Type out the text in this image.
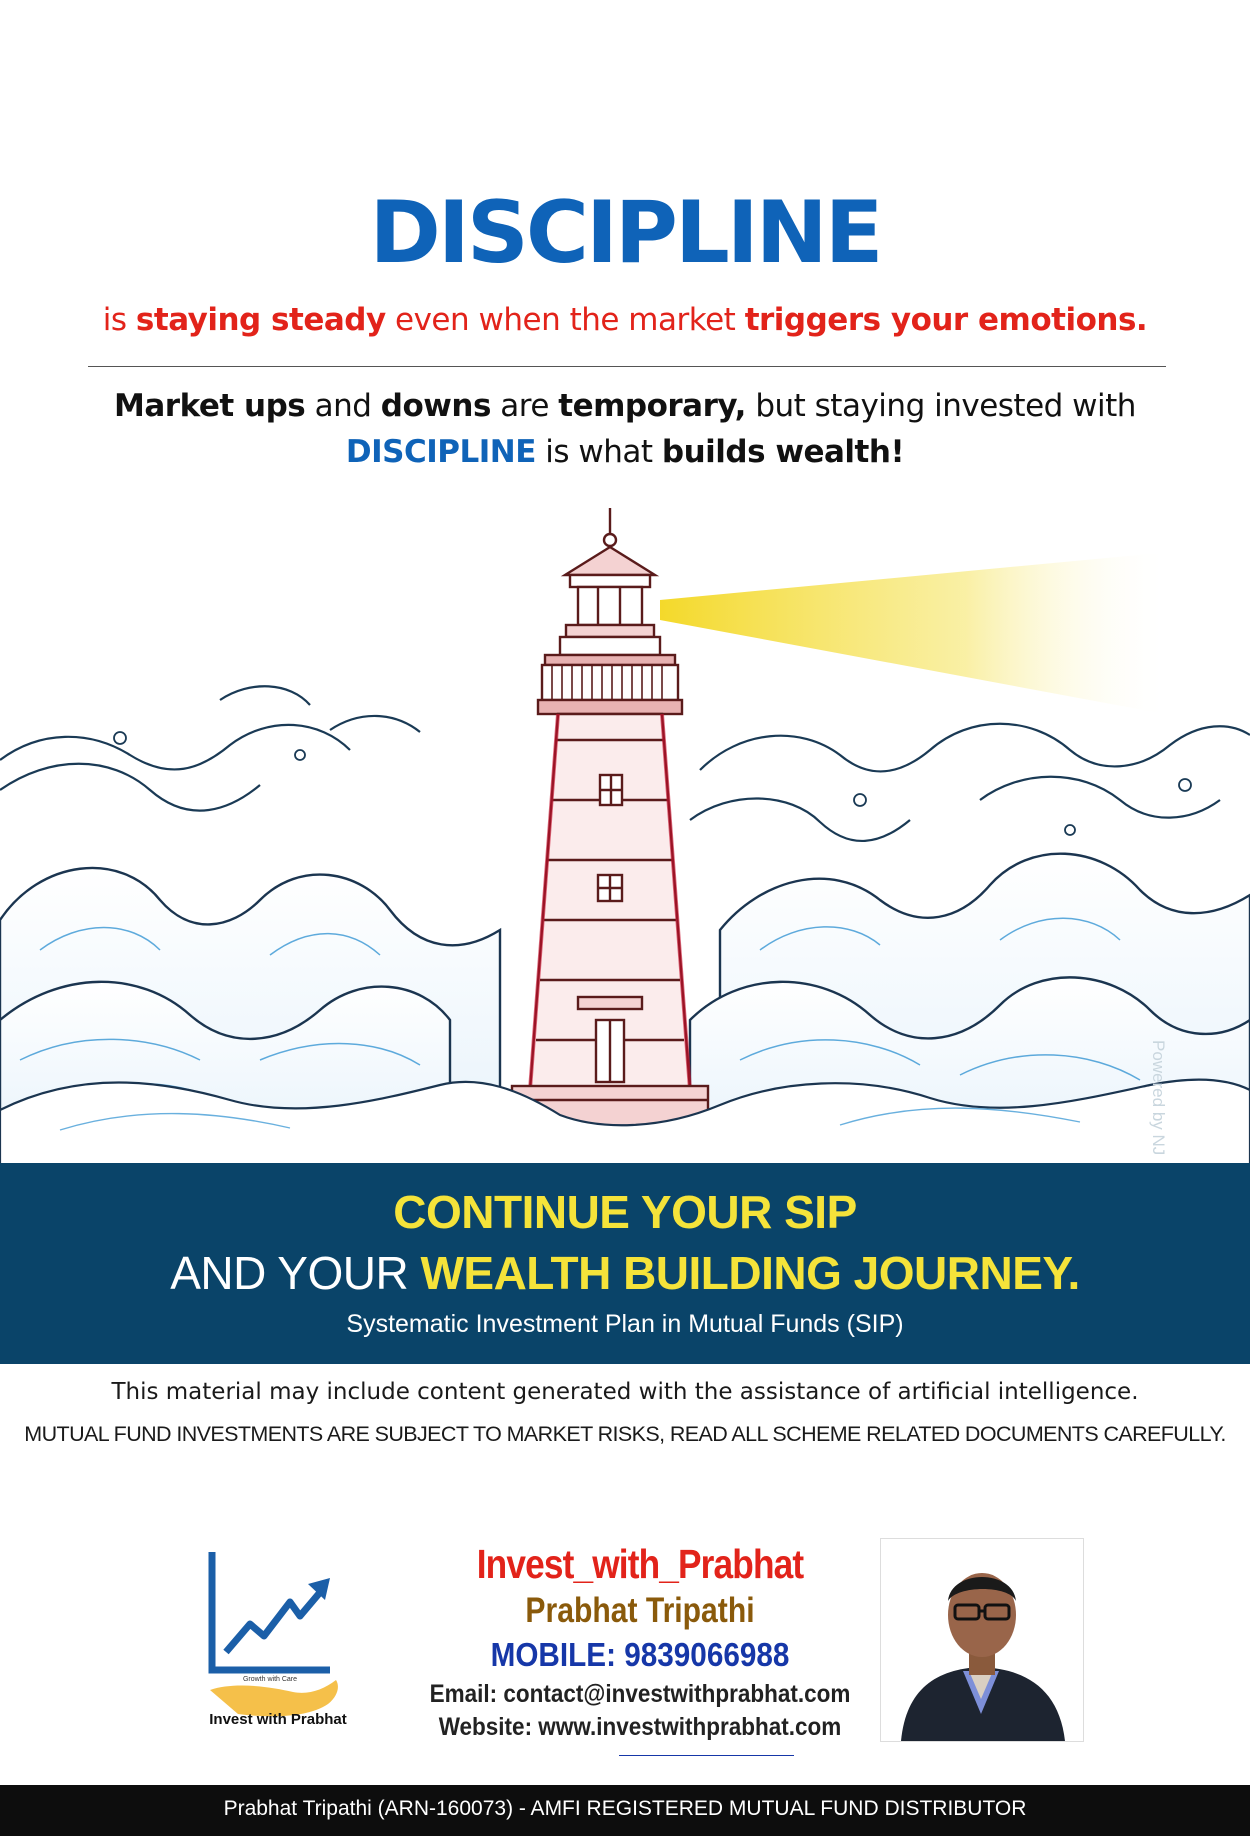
DISCIPLINE
is staying steady even when the market triggers your emotions.
Market ups and downs are temporary, but staying invested with
DISCIPLINE is what builds wealth!
Powered by NJ
CONTINUE YOUR SIP
AND YOUR WEALTH BUILDING JOURNEY.
Systematic Investment Plan in Mutual Funds (SIP)
This material may include content generated with the assistance of artificial intelligence.
MUTUAL FUND INVESTMENTS ARE SUBJECT TO MARKET RISKS, READ ALL SCHEME RELATED DOCUMENTS CAREFULLY.
Growth with Care
Invest with Prabhat
Invest_with_Prabhat
Prabhat Tripathi
MOBILE: 9839066988
Email: contact@investwithprabhat.com
Website: www.investwithprabhat.com
Prabhat Tripathi (ARN-160073) - AMFI REGISTERED MUTUAL FUND DISTRIBUTOR
